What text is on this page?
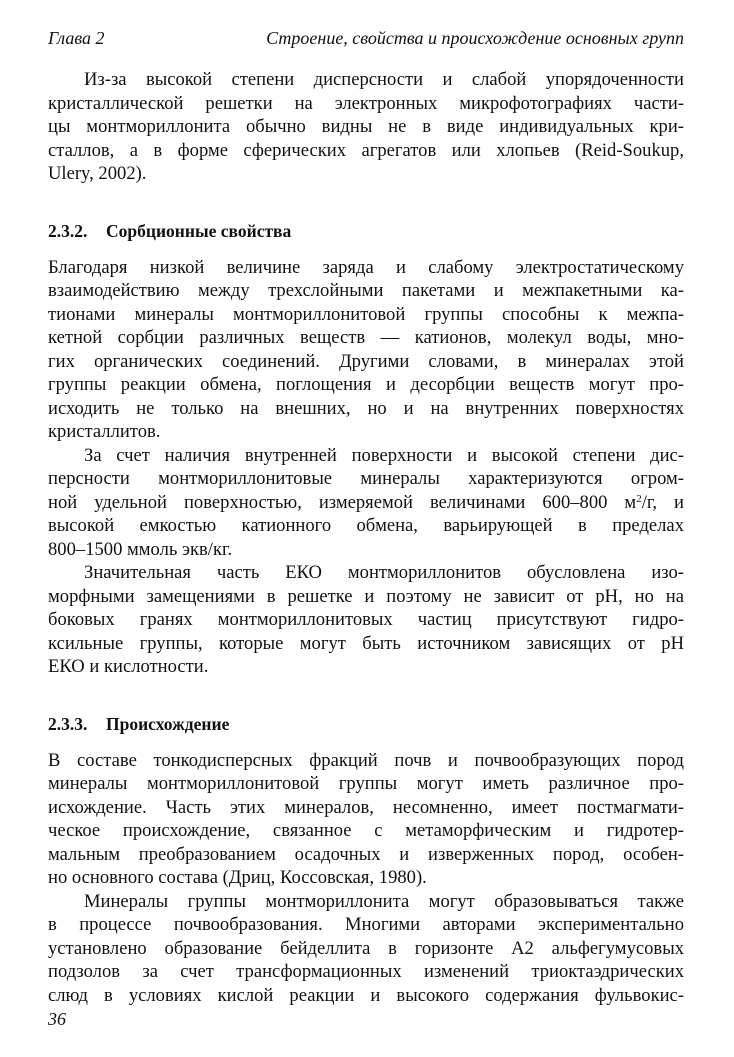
Глава 2	Строение, свойства и происхождение основных групп
Из-за высокой степени дисперсности и слабой упорядоченности
кристаллической решетки на электронных микрофотографиях части-
цы монтмориллонита обычно видны не в виде индивидуальных кри-
сталлов, а в форме сферических агрегатов или хлопьев (Reid-Soukup,
Ulery, 2002).
2.3.2. Сорбционные свойства
Благодаря низкой величине заряда и слабому электростатическому
взаимодействию между трехслойными пакетами и межпакетными ка-
тионами минералы монтмориллонитовой группы способны к межпа-
кетной сорбции различных веществ — катионов, молекул воды, мно-
гих органических соединений. Другими словами, в минералах этой
группы реакции обмена, поглощения и десорбции веществ могут про-
исходить не только на внешних, но и на внутренних поверхностях
кристаллитов.
За счет наличия внутренней поверхности и высокой степени дис-
персности монтмориллонитовые минералы характеризуются огром-
ной удельной поверхностью, измеряемой величинами 600–800 $м^2/г$, и
высокой емкостью катионного обмена, варьирующей в пределах
800–1500 ммоль экв/кг.
Значительная часть ЕКО монтмориллонитов обусловлена изо-
морфными замещениями в решетке и поэтому не зависит от pH, но на
боковых гранях монтмориллонитовых частиц присутствуют гидро-
ксильные группы, которые могут быть источником зависящих от pH
ЕКО и кислотности.
2.3.3. Происхождение
В составе тонкодисперсных фракций почв и почвообразующих пород
минералы монтмориллонитовой группы могут иметь различное про-
исхождение. Часть этих минералов, несомненно, имеет постмагмати-
ческое происхождение, связанное с метаморфическим и гидротер-
мальным преобразованием осадочных и изверженных пород, особен-
но основного состава (Дриц, Коссовская, 1980).
Минералы группы монтмориллонита могут образовываться также
в процессе почвообразования. Многими авторами экспериментально
установлено образование бейделлита в горизонте А2 альфегумусовых
подзолов за счет трансформационных изменений триоктаэдрических
слюд в условиях кислой реакции и высокого содержания фульвокис-
36
